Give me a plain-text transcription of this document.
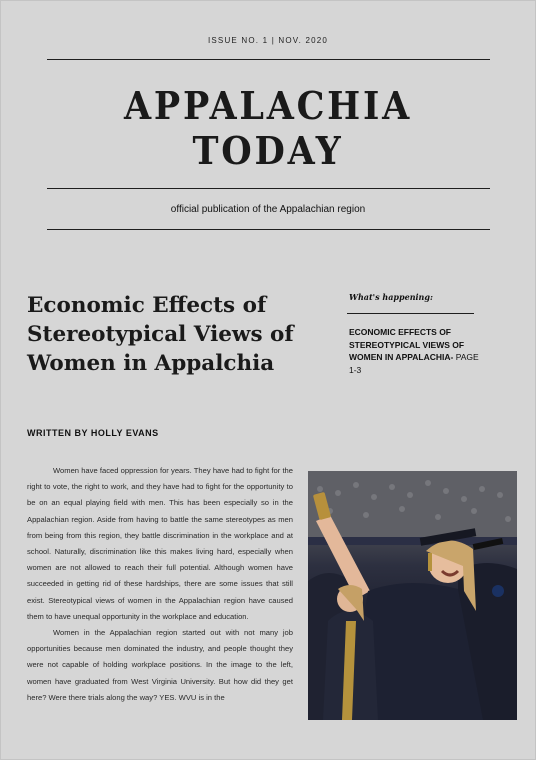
ISSUE NO. 1 | NOV. 2020
APPALACHIA
TODAY
official publication of the Appalachian region
Economic Effects of Stereotypical Views of Women in Appalchia
WRITTEN BY HOLLY EVANS
What's happening:
ECONOMIC EFFECTS OF STEREOTYPICAL VIEWS OF WOMEN IN APPALACHIA- PAGE 1-3

Women have faced oppression for years. They have had to fight for the right to vote, the right to work, and they have had to fight for the opportunity to be on an equal playing field with men. This has been especially so in the Appalachian region. Aside from having to battle the same stereotypes as men from being from this region, they battle discrimination in the workplace and at school. Naturally, discrimination like this makes living hard, especially when women are not allowed to reach their full potential. Although women have succeeded in getting rid of these hardships, there are some issues that still exist. Stereotypical views of women in the Appalachian region have caused them to have unequal opportunity in the workplace and education.

Women in the Appalachian region started out with not many job opportunities because men dominated the industry, and people thought they were not capable of holding workplace positions. In the image to the left, women have graduated from West Virginia University. But how did they get here? Were there trials along the way? YES. WVU is in the
